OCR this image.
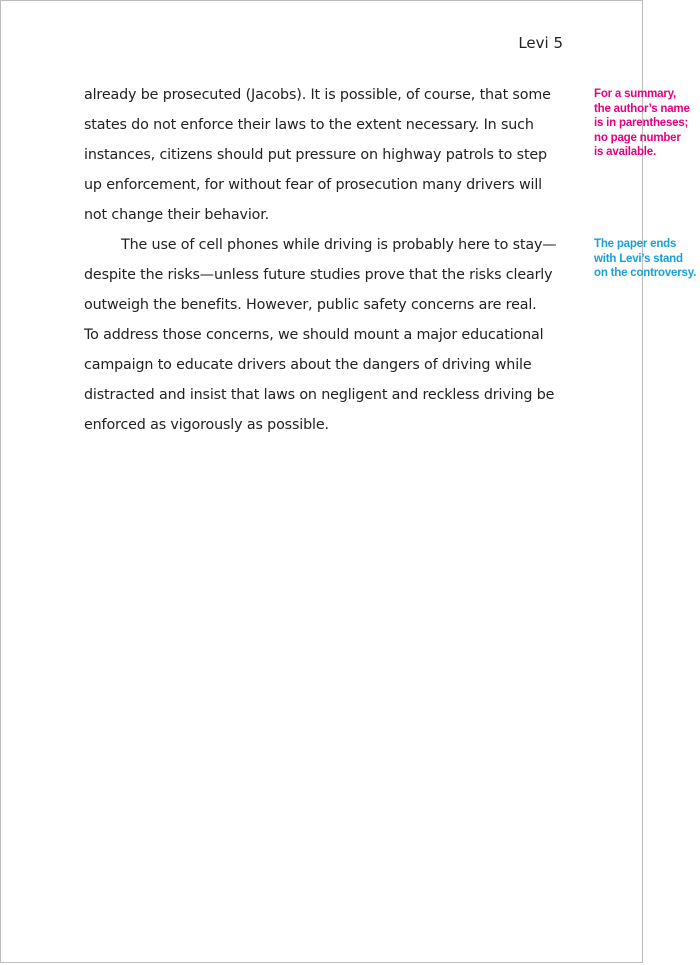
Levi 5
already be prosecuted (Jacobs). It is possible, of course, that some
states do not enforce their laws to the extent necessary. In such
instances, citizens should put pressure on highway patrols to step
up enforcement, for without fear of prosecution many drivers will
not change their behavior.
The use of cell phones while driving is probably here to stay—
despite the risks—unless future studies prove that the risks clearly
outweigh the benefits. However, public safety concerns are real.
To address those concerns, we should mount a major educational
campaign to educate drivers about the dangers of driving while
distracted and insist that laws on negligent and reckless driving be
enforced as vigorously as possible.
For a summary,
the author’s name
is in parentheses;
no page number
is available.
The paper ends
with Levi’s stand
on the controversy.
